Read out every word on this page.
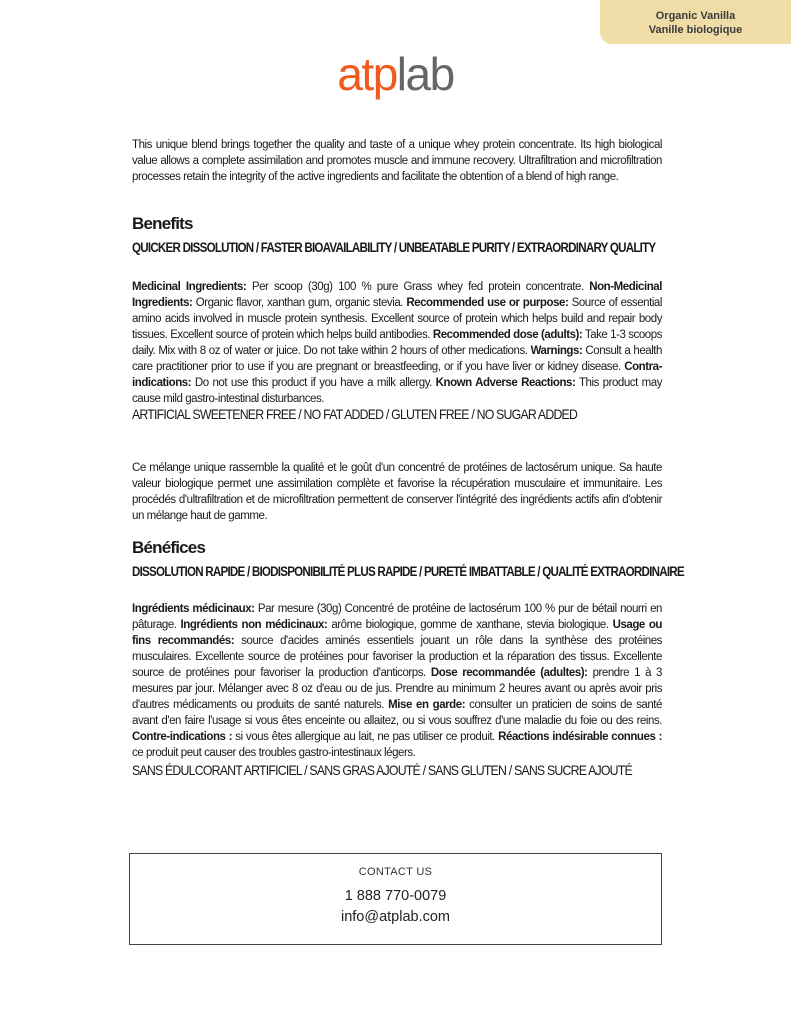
Organic Vanilla
Vanille biologique
atplab

This unique blend brings together the quality and taste of a unique whey protein concentrate. Its high biological value allows a complete assimilation and promotes muscle and immune recovery. Ultrafiltration and microfiltration processes retain the integrity of the active ingredients and facilitate the obtention of a blend of high range.

Benefits
QUICKER DISSOLUTION / FASTER BIOAVAILABILITY / UNBEATABLE PURITY / EXTRAORDINARY QUALITY

Medicinal Ingredients: Per scoop (30g) 100 % pure Grass whey fed protein concentrate. Non-Medicinal Ingredients: Organic flavor, xanthan gum, organic stevia. Recommended use or purpose: Source of essential amino acids involved in muscle protein synthesis. Excellent source of protein which helps build and repair body tissues. Excellent source of protein which helps build antibodies. Recommended dose (adults): Take 1-3 scoops daily. Mix with 8 oz of water or juice. Do not take within 2 hours of other medications. Warnings: Consult a health care practitioner prior to use if you are pregnant or breastfeeding, or if you have liver or kidney disease. Contra-indications: Do not use this product if you have a milk allergy. Known Adverse Reactions: This product may cause mild gastro-intestinal disturbances.

ARTIFICIAL SWEETENER FREE / NO FAT ADDED / GLUTEN FREE / NO SUGAR ADDED

Ce mélange unique rassemble la qualité et le goût d'un concentré de protéines de lactosérum unique. Sa haute valeur biologique permet une assimilation complète et favorise la récupération musculaire et immunitaire. Les procédés d'ultrafiltration et de microfiltration permettent de conserver l'intégrité des ingrédients actifs afin d'obtenir un mélange haut de gamme.

Bénéfices
DISSOLUTION RAPIDE / BIODISPONIBILITÉ PLUS RAPIDE / PURETÉ IMBATTABLE / QUALITÉ EXTRAORDINAIRE

Ingrédients médicinaux: Par mesure (30g) Concentré de protéine de lactosérum 100 % pur de bétail nourri en pâturage. Ingrédients non médicinaux: arôme biologique, gomme de xanthane, stevia biologique. Usage ou fins recommandés: source d'acides aminés essentiels jouant un rôle dans la synthèse des protéines musculaires. Excellente source de protéines pour favoriser la production et la réparation des tissus. Excellente source de protéines pour favoriser la production d'anticorps. Dose recommandée (adultes): prendre 1 à 3 mesures par jour. Mélanger avec 8 oz d'eau ou de jus. Prendre au minimum 2 heures avant ou après avoir pris d'autres médicaments ou produits de santé naturels. Mise en garde: consulter un praticien de soins de santé avant d'en faire l'usage si vous êtes enceinte ou allaitez, ou si vous souffrez d'une maladie du foie ou des reins. Contre-indications : si vous êtes allergique au lait, ne pas utiliser ce produit. Réactions indésirable connues : ce produit peut causer des troubles gastro-intestinaux légers.

SANS ÉDULCORANT ARTIFICIEL / SANS GRAS AJOUTÉ / SANS GLUTEN / SANS SUCRE AJOUTÉ
CONTACT US
1 888 770-0079
info@atplab.com
